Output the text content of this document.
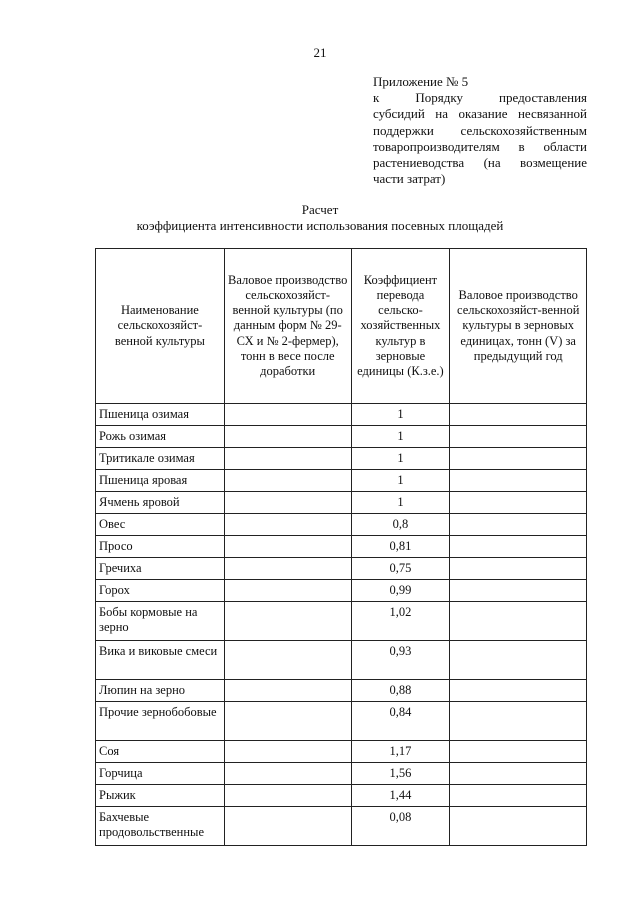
21
Приложение № 5
к Порядку предоставления
субсидий на оказание несвязанной
поддержки сельскохозяйственным
товаропроизводителям в области
растениеводства (на возмещение
части затрат)
Расчет
коэффициента интенсивности использования посевных площадей
Наименование сельскохозяйст-венной культуры	Валовое производство сельскохозяйст-венной культуры (по данным форм № 29-СХ и № 2-фермер), тонн в весе после доработки	Коэффициент перевода сельско-хозяйственных культур в зерновые единицы (К.з.е.)	Валовое производство сельскохозяйст-венной культуры в зерновых единицах, тонн (V) за предыдущий год
Пшеница озимая		1	
Рожь озимая		1	
Тритикале озимая		1	
Пшеница яровая		1	
Ячмень яровой		1	
Овес		0,8	
Просо		0,81	
Гречиха		0,75	
Горох		0,99	
Бобы кормовые на зерно		1,02	
Вика и виковые смеси		0,93	
Люпин на зерно		0,88	
Прочие зернобобовые		0,84	
Соя		1,17	
Горчица		1,56	
Рыжик		1,44	
Бахчевые продовольственные		0,08	
